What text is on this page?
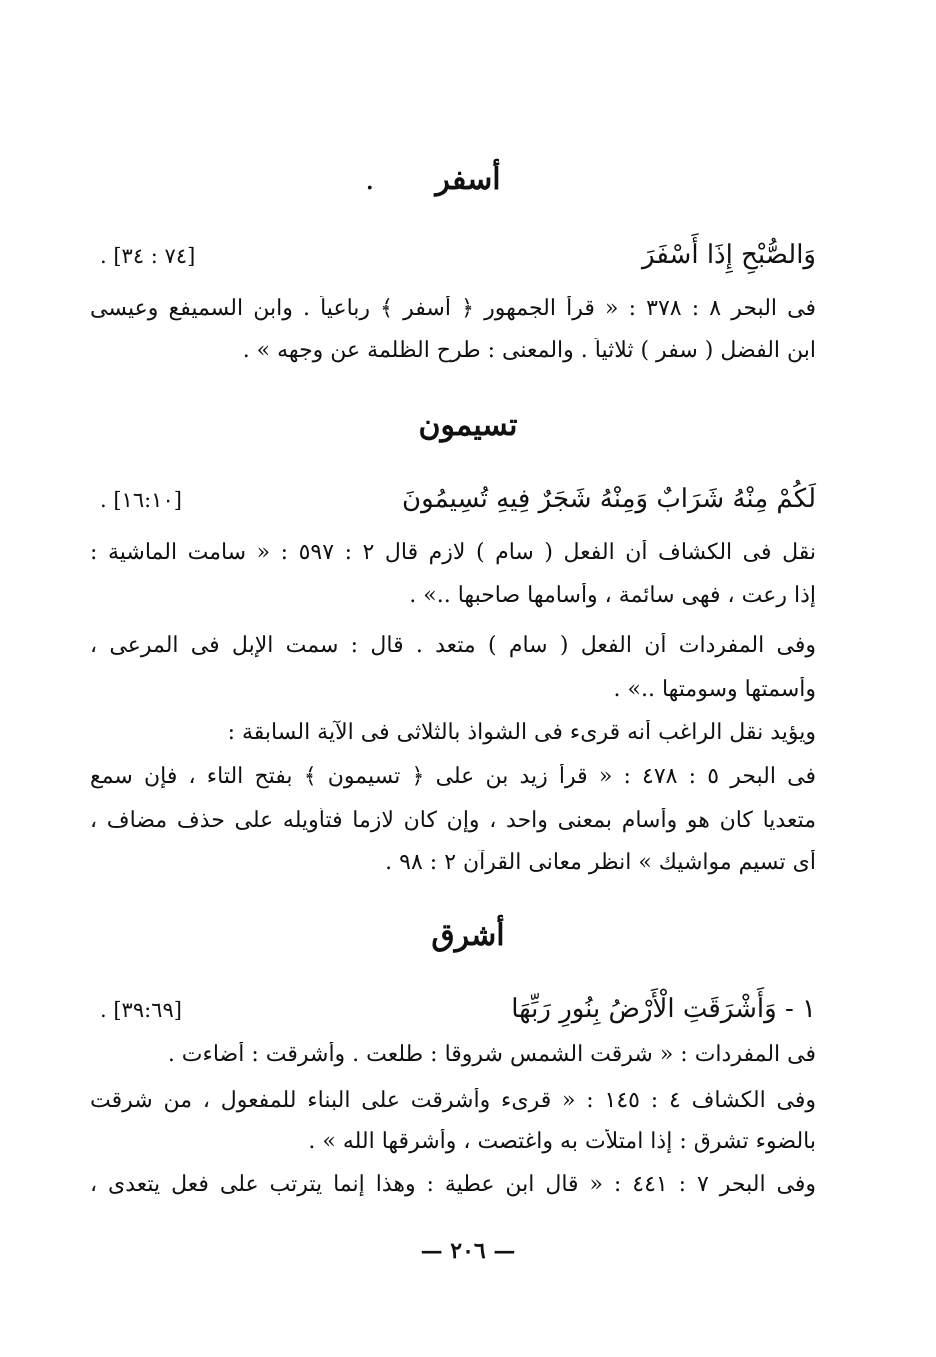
أسفر
.
وَالصُّبْحِ إِذَا أَسْفَرَ
[٧٤ : ٣٤] .
فى البحر ٨ : ٣٧٨ : « قرأ الجمهور ﴿ أسفر ﴾ رباعياً . وابن السميفع وعيسى
ابن الفضل ( سفر ) ثلاثياً . والمعنى : طرح الظلمة عن وجهه » .
تسيمون
لَكُمْ مِنْهُ شَرَابٌ وَمِنْهُ شَجَرٌ فِيهِ تُسِيمُونَ
[١٦:١٠] .
نقل فى الكشاف أن الفعل ( سام ) لازم قال ٢ : ٥٩٧ : « سامت الماشية :
إذا رعت ، فهى سائمة ، وأسامها صاحبها ..» .
وفى المفردات أن الفعل ( سام ) متعد . قال : سمت الإبل فى المرعى ،
وأسمتها وسومتها ..» .
ويؤيد نقل الراغب أنه قرىء فى الشواذ بالثلاثى فى الآية السابقة :
فى البحر ٥ : ٤٧٨ : « قرأ زيد بن على ﴿ تسيمون ﴾ بفتح التاء ، فإن سمع
متعديا كان هو وأسام بمعنى واحد ، وإن كان لازما فتأويله على حذف مضاف ،
أى تسيم مواشيك » انظر معانى القرآن ٢ : ٩٨ .
أشرق
١ - وَأَشْرَقَتِ الْأَرْضُ بِنُورِ رَبِّهَا
[٣٩:٦٩] .
فى المفردات : « شرقت الشمس شروقا : طلعت . وأشرقت : أضاءت .
وفى الكشاف ٤ : ١٤٥ : « قرىء وأشرقت على البناء للمفعول ، من شرقت
بالضوء تشرق : إذا امتلأت به واغتصت ، وأشرقها الله » .
وفى البحر ٧ : ٤٤١ : « قال ابن عطية : وهذا إنما يترتب على فعل يتعدى ،
— ٢٠٦ —
